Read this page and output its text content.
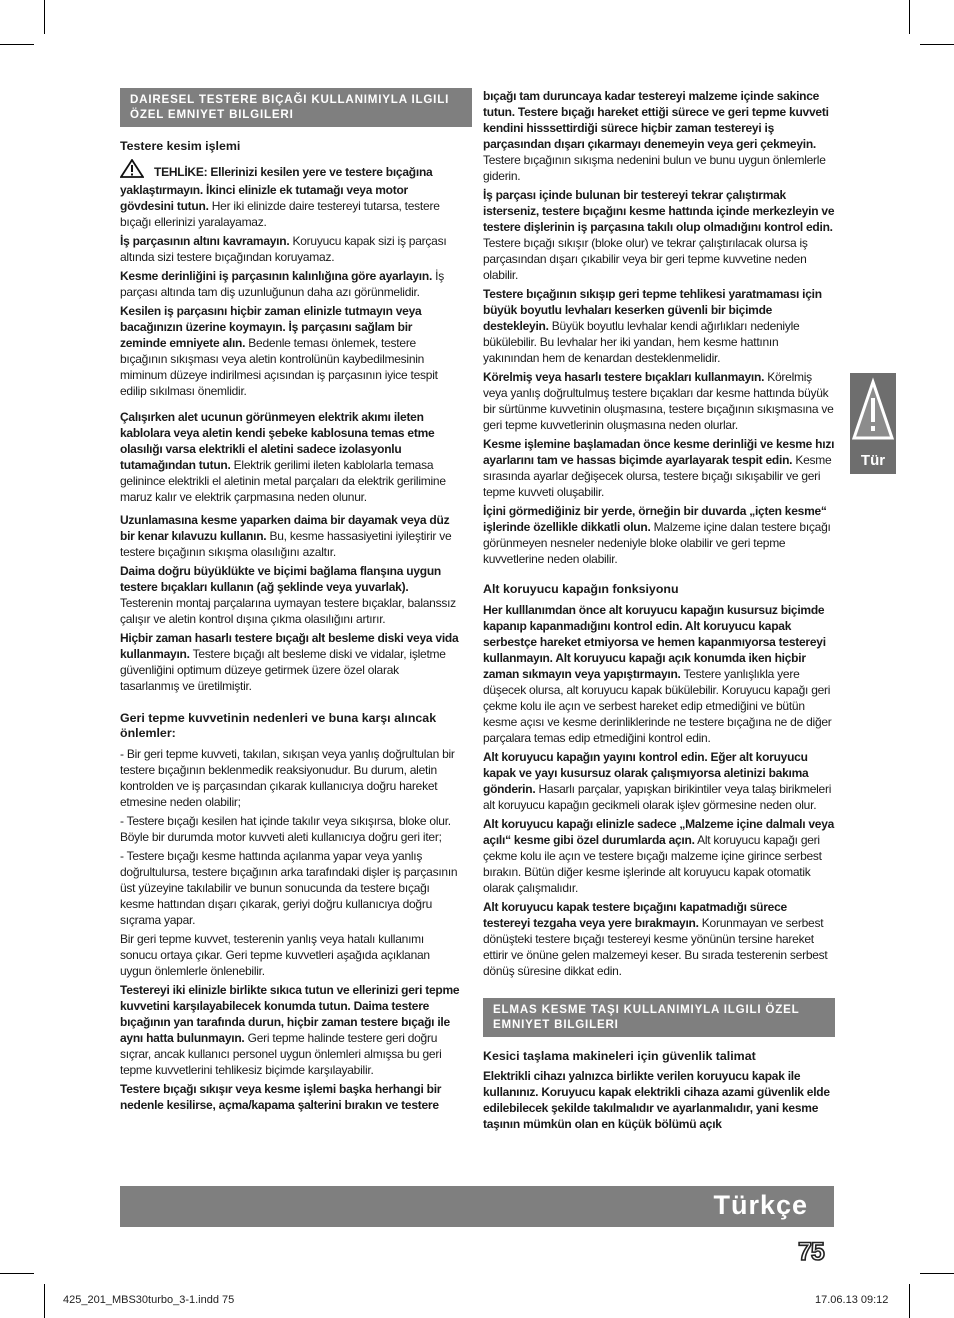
DAIRESEL TESTERE BIÇAĞI KULLANIMIYLA ILGILI ÖZEL EMNIYET BILGILERI
Testere kesim işlemi
TEHLİKE: Ellerinizi kesilen yere ve testere bıçağına yaklaştırmayın. İkinci elinizle ek tutamağı veya motor gövdesini tutun. Her iki elinizde daire testereyi tutarsa, testere bıçağı ellerinizi yaralayamaz.
İş parçasının altını kavramayın. Koruyucu kapak sizi iş parçası altında sizi testere bıçağından koruyamaz.
Kesme derinliğini iş parçasının kalınlığına göre ayarlayın. İş parçası altında tam diş uzunluğunun daha azı görünmelidir.
Kesilen iş parçasını hiçbir zaman elinizle tutmayın veya bacağınızın üzerine koymayın. İş parçasını sağlam bir zeminde emniyete alın. Bedenle teması önlemek, testere bıçağının sıkışması veya aletin kontrolünün kaybedilmesinin miminum düzeye indirilmesi açısından iş parçasının iyice tespit edilip sıkılması önemlidir.
Çalışırken alet ucunun görünmeyen elektrik akımı ileten kablolara veya aletin kendi şebeke kablosuna temas etme olasılığı varsa elektrikli el aletini sadece izolasyonlu tutamağından tutun. Elektrik gerilimi ileten kablolarla temasa gelinince elektrikli el aletinin metal parçaları da elektrik gerilimine maruz kalır ve elektrik çarpmasına neden olunur.
Uzunlamasına kesme yaparken daima bir dayamak veya düz bir kenar kılavuzu kullanın. Bu, kesme hassasiyetini iyileştirir ve testere bıçağının sıkışma olasılığını azaltır.
Daima doğru büyüklükte ve biçimi bağlama flanşına uygun testere bıçakları kullanın (ağ şeklinde veya yuvarlak). Testerenin montaj parçalarına uymayan testere bıçaklar, balanssız çalışır ve aletin kontrol dışına çıkma olasılığını artırır.
Hiçbir zaman hasarlı testere bıçağı alt besleme diski veya vida kullanmayın. Testere bıçağı alt besleme diski ve vidalar, işletme güvenliğini optimum düzeye getirmek üzere özel olarak tasarlanmış ve üretilmiştir.
Geri tepme kuvvetinin nedenleri ve buna karşı alıncak önlemler:
- Bir geri tepme kuvveti, takılan, sıkışan veya yanlış doğrultulan bir testere bıçağının beklenmedik reaksiyonudur. Bu durum, aletin kontrolden ve iş parçasından çıkarak kullanıcıya doğru hareket etmesine neden olabilir;
- Testere bıçağı kesilen hat içinde takılır veya sıkışırsa, bloke olur. Böyle bir durumda motor kuvveti aleti kullanıcıya doğru geri iter;
- Testere bıçağı kesme hattında açılanma yapar veya yanlış doğrultulursa, testere bıçağının arka tarafındaki dişler iş parçasının üst yüzeyine takılabilir ve bunun sonucunda da testere bıçağı kesme hattından dışarı çıkarak, geriyi doğru kullanıcıya doğru sıçrama yapar.
Bir geri tepme kuvvet, testerenin yanlış veya hatalı kullanımı sonucu ortaya çıkar. Geri tepme kuvvetleri aşağıda açıklanan uygun önlemlerle önlenebilir.
Testereyi iki elinizle birlikte sıkıca tutun ve ellerinizi geri tepme kuvvetini karşılayabilecek konumda tutun. Daima testere bıçağının yan tarafında durun, hiçbir zaman testere bıçağı ile aynı hatta bulunmayın. Geri tepme halinde testere geri doğru sıçrar, ancak kullanıcı personel uygun önlemleri almışsa bu geri tepme kuvvetlerini tehlikesiz biçimde karşılayabilir.
Testere bıçağı sıkışır veya kesme işlemi başka herhangi bir nedenle kesilirse, açma/kapama şalterini bırakın ve testere
bıçağı tam duruncaya kadar testereyi malzeme içinde sakince tutun. Testere bıçağı hareket ettiği sürece ve geri tepme kuvveti kendini hisssettirdiği sürece hiçbir zaman testereyi iş parçasından dışarı çıkarmayı denemeyin veya geri çekmeyin. Testere bıçağının sıkışma nedenini bulun ve bunu uygun önlemlerle giderin.
İş parçası içinde bulunan bir testereyi tekrar çalıştırmak isterseniz, testere bıçağını kesme hattında içinde merkezleyin ve testere dişlerinin iş parçasına takılı olup olmadığını kontrol edin. Testere bıçağı sıkışır (bloke olur) ve tekrar çalıştırılacak olursa iş parçasından dışarı çıkabilir veya bir geri tepme kuvvetine neden olabilir.
Testere bıçağının sıkışıp geri tepme tehlikesi yaratmaması için büyük boyutlu levhaları keserken güvenli bir biçimde destekleyin. Büyük boyutlu levhalar kendi ağırlıkları nedeniyle bükülebilir. Bu levhalar her iki yandan, hem kesme hattının yakınından hem de kenardan desteklenmelidir.
Körelmiş veya hasarlı testere bıçakları kullanmayın. Körelmiş veya yanlış doğrultulmuş testere bıçakları dar kesme hattında büyük bir sürtünme kuvvetinin oluşmasına, testere bıçağının sıkışmasına ve geri tepme kuvvetlerinin oluşmasına neden olurlar.
Kesme işlemine başlamadan önce kesme derinliği ve kesme hızı ayarlarını tam ve hassas biçimde ayarlayarak tespit edin. Kesme sırasında ayarlar değişecek olursa, testere bıçağı sıkışabilir ve geri tepme kuvveti oluşabilir.
İçini görmediğiniz bir yerde, örneğin bir duvarda „içten kesme“ işlerinde özellikle dikkatli olun. Malzeme içine dalan testere bıçağı görünmeyen nesneler nedeniyle bloke olabilir ve geri tepme kuvvetlerine neden olabilir.
Alt koruyucu kapağın fonksiyonu
Her kulllanımdan önce alt koruyucu kapağın kusursuz biçimde kapanıp kapanmadığını kontrol edin. Alt koruyucu kapak serbestçe hareket etmiyorsa ve hemen kapanmıyorsa testereyi kullanmayın. Alt koruyucu kapağı açık konumda iken hiçbir zaman sıkmayın veya yapıştırmayın. Testere yanlışlıkla yere düşecek olursa, alt koruyucu kapak bükülebilir. Koruyucu kapağı geri çekme kolu ile açın ve serbest hareket edip etmediğini ve bütün kesme açısı ve kesme derinliklerinde ne testere bıçağına ne de diğer parçalara temas edip etmediğini kontrol edin.
Alt koruyucu kapağın yayını kontrol edin. Eğer alt koruyucu kapak ve yayı kusursuz olarak çalışmıyorsa aletinizi bakıma gönderin. Hasarlı parçalar, yapışkan birikintiler veya talaş birikmeleri alt koruyucu kapağın gecikmeli olarak işlev görmesine neden olur.
Alt koruyucu kapağı elinizle sadece „Malzeme içine dalmalı veya açılı“ kesme gibi özel durumlarda açın. Alt koruyucu kapağı geri çekme kolu ile açın ve testere bıçağı malzeme içine girince serbest bırakın. Bütün diğer kesme işlerinde alt koruyucu kapak otomatik olarak çalışmalıdır.
Alt koruyucu kapak testere bıçağını kapatmadığı sürece testereyi tezgaha veya yere bırakmayın. Korunmayan ve serbest dönüşteki testere bıçağı testereyi kesme yönünün tersine hareket ettirir ve önüne gelen malzemeyi keser. Bu sırada testerenin serbest dönüş süresine dikkat edin.
ELMAS KESME TAŞI KULLANIMIYLA ILGILI ÖZEL EMNIYET BILGILERI
Kesici taşlama makineleri için güvenlik talimat
Elektrikli cihazı yalnızca birlikte verilen koruyucu kapak ile kullanınız. Koruyucu kapak elektrikli cihaza azami güvenlik elde edilebilecek şekilde takılmalıdır ve ayarlanmalıdır, yani kesme taşının mümkün olan en küçük bölümü açık
Tür
Türkçe
75
425_201_MBS30turbo_3-1.indd 75	17.06.13 09:12
